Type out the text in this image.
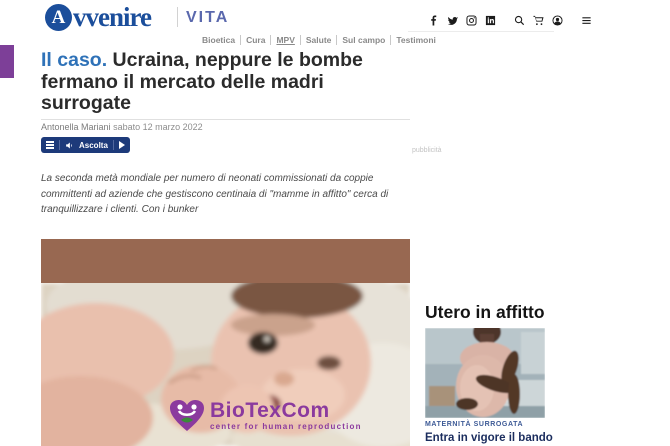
A vvenire VITA
Bioetica	Cura	MPV	Salute	Sul campo	Testimoni
Il caso. Ucraina, neppure le bombe fermano il mercato delle madri surrogate
Antonella Mariani sabato 12 marzo 2022
Ascolta

La seconda metà mondiale per numero di neonati commissionati da coppie committenti ad aziende che gestiscono centinaia di "mamme in affitto" cerca di tranquillizzare i clienti. Con i bunker

BioTexCom
center for human reproduction
pubblicità
Utero in affitto
MATERNITÀ SURROGATA
Entra in vigore il bando
